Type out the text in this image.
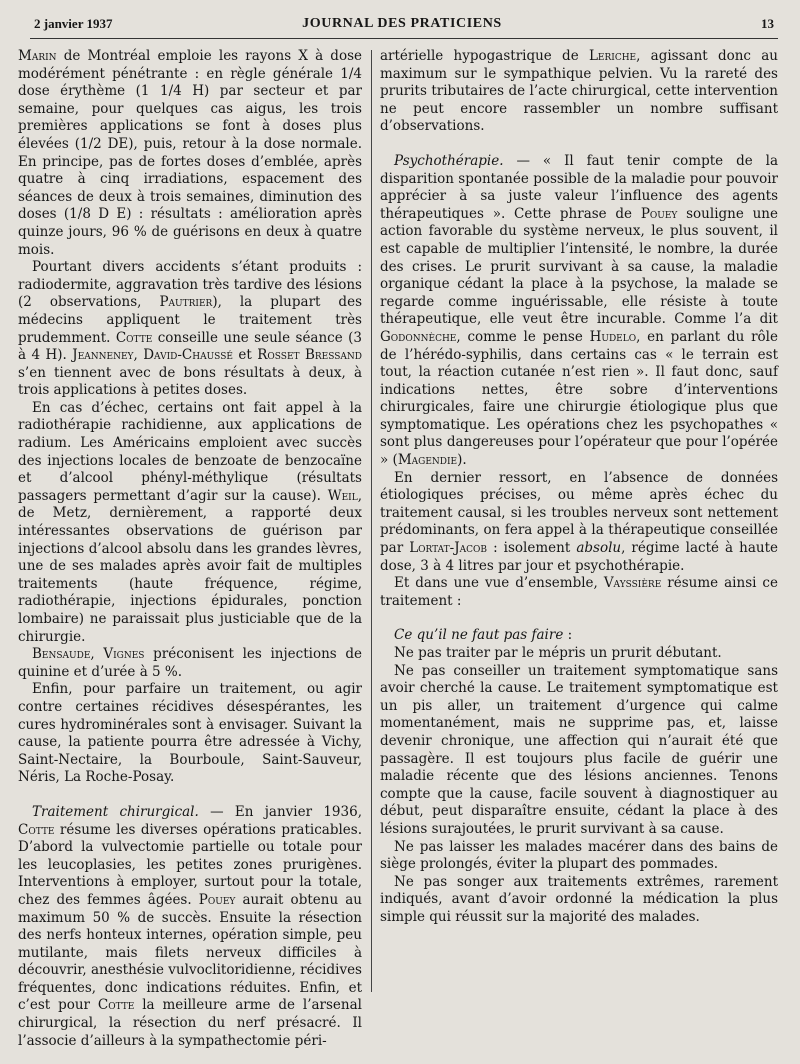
2 janvier 1937	JOURNAL DES PRATICIENS	13

Marin de Montréal emploie les rayons X à dose modérément pénétrante : en règle générale 1/4 dose érythème (1 1/4 H) par secteur et par semaine, pour quelques cas aigus, les trois premières applications se font à doses plus élevées (1/2 DE), puis, retour à la dose normale. En principe, pas de fortes doses d’emblée, après quatre à cinq irradiations, espacement des séances de deux à trois semaines, diminution des doses (1/8 D E) : résultats : amélioration après quinze jours, 96 % de guérisons en deux à quatre mois.

Pourtant divers accidents s’étant produits : radiodermite, aggravation très tardive des lésions (2 observations, Pautrier), la plupart des médecins appliquent le traitement très prudemment. Cotte conseille une seule séance (3 à 4 H). Jeanneney, David-Chaussé et Rosset Bressand s’en tiennent avec de bons résultats à deux, à trois applications à petites doses.

En cas d’échec, certains ont fait appel à la radiothérapie rachidienne, aux applications de radium. Les Américains emploient avec succès des injections locales de benzoate de benzocaïne et d’alcool phényl-méthylique (résultats passagers permettant d’agir sur la cause). Weil, de Metz, dernièrement, a rapporté deux intéressantes observations de guérison par injections d’alcool absolu dans les grandes lèvres, une de ses malades après avoir fait de multiples traitements (haute fréquence, régime, radiothérapie, injections épidurales, ponction lombaire) ne paraissait plus justiciable que de la chirurgie.

Bensaude, Vignes préconisent les injections de quinine et d’urée à 5 %.

Enfin, pour parfaire un traitement, ou agir contre certaines récidives désespérantes, les cures hydrominérales sont à envisager. Suivant la cause, la patiente pourra être adressée à Vichy, Saint-Nectaire, la Bourboule, Saint-Sauveur, Néris, La Roche-Posay.

Traitement chirurgical. — En janvier 1936, Cotte résume les diverses opérations praticables. D’abord la vulvectomie partielle ou totale pour les leucoplasies, les petites zones prurigènes. Interventions à employer, surtout pour la totale, chez des femmes âgées. Pouey aurait obtenu au maximum 50 % de succès. Ensuite la résection des nerfs honteux internes, opération simple, peu mutilante, mais filets nerveux difficiles à découvrir, anesthésie vulvoclitoridienne, récidives fréquentes, donc indications réduites. Enfin, et c’est pour Cotte la meilleure arme de l’arsenal chirurgical, la résection du nerf présacré. Il l’associe d’ailleurs à la sympathectomie péri-

artérielle hypogastrique de Leriche, agissant donc au maximum sur le sympathique pelvien. Vu la rareté des prurits tributaires de l’acte chirurgical, cette intervention ne peut encore rassembler un nombre suffisant d’observations.

Psychothérapie. — « Il faut tenir compte de la disparition spontanée possible de la maladie pour pouvoir apprécier à sa juste valeur l’influence des agents thérapeutiques ». Cette phrase de Pouey souligne une action favorable du système nerveux, le plus souvent, il est capable de multiplier l’intensité, le nombre, la durée des crises. Le prurit survivant à sa cause, la maladie organique cédant la place à la psychose, la malade se regarde comme inguérissable, elle résiste à toute thérapeutique, elle veut être incurable. Comme l’a dit Godonnèche, comme le pense Hudelo, en parlant du rôle de l’hérédo-syphilis, dans certains cas « le terrain est tout, la réaction cutanée n’est rien ». Il faut donc, sauf indications nettes, être sobre d’interventions chirurgicales, faire une chirurgie étiologique plus que symptomatique. Les opérations chez les psychopathes « sont plus dangereuses pour l’opérateur que pour l’opérée » (Magendie).

En dernier ressort, en l’absence de données étiologiques précises, ou même après échec du traitement causal, si les troubles nerveux sont nettement prédominants, on fera appel à la thérapeutique conseillée par Lortat-Jacob : isolement absolu, régime lacté à haute dose, 3 à 4 litres par jour et psychothérapie.

Et dans une vue d’ensemble, Vayssière résume ainsi ce traitement :

Ce qu’il ne faut pas faire :

Ne pas traiter par le mépris un prurit débutant.

Ne pas conseiller un traitement symptomatique sans avoir cherché la cause. Le traitement symptomatique est un pis aller, un traitement d’urgence qui calme momentanément, mais ne supprime pas, et, laisse devenir chronique, une affection qui n’aurait été que passagère. Il est toujours plus facile de guérir une maladie récente que des lésions anciennes. Tenons compte que la cause, facile souvent à diagnostiquer au début, peut disparaître ensuite, cédant la place à des lésions surajoutées, le prurit survivant à sa cause.

Ne pas laisser les malades macérer dans des bains de siège prolongés, éviter la plupart des pommades.

Ne pas songer aux traitements extrêmes, rarement indiqués, avant d’avoir ordonné la médication la plus simple qui réussit sur la majorité des malades.
